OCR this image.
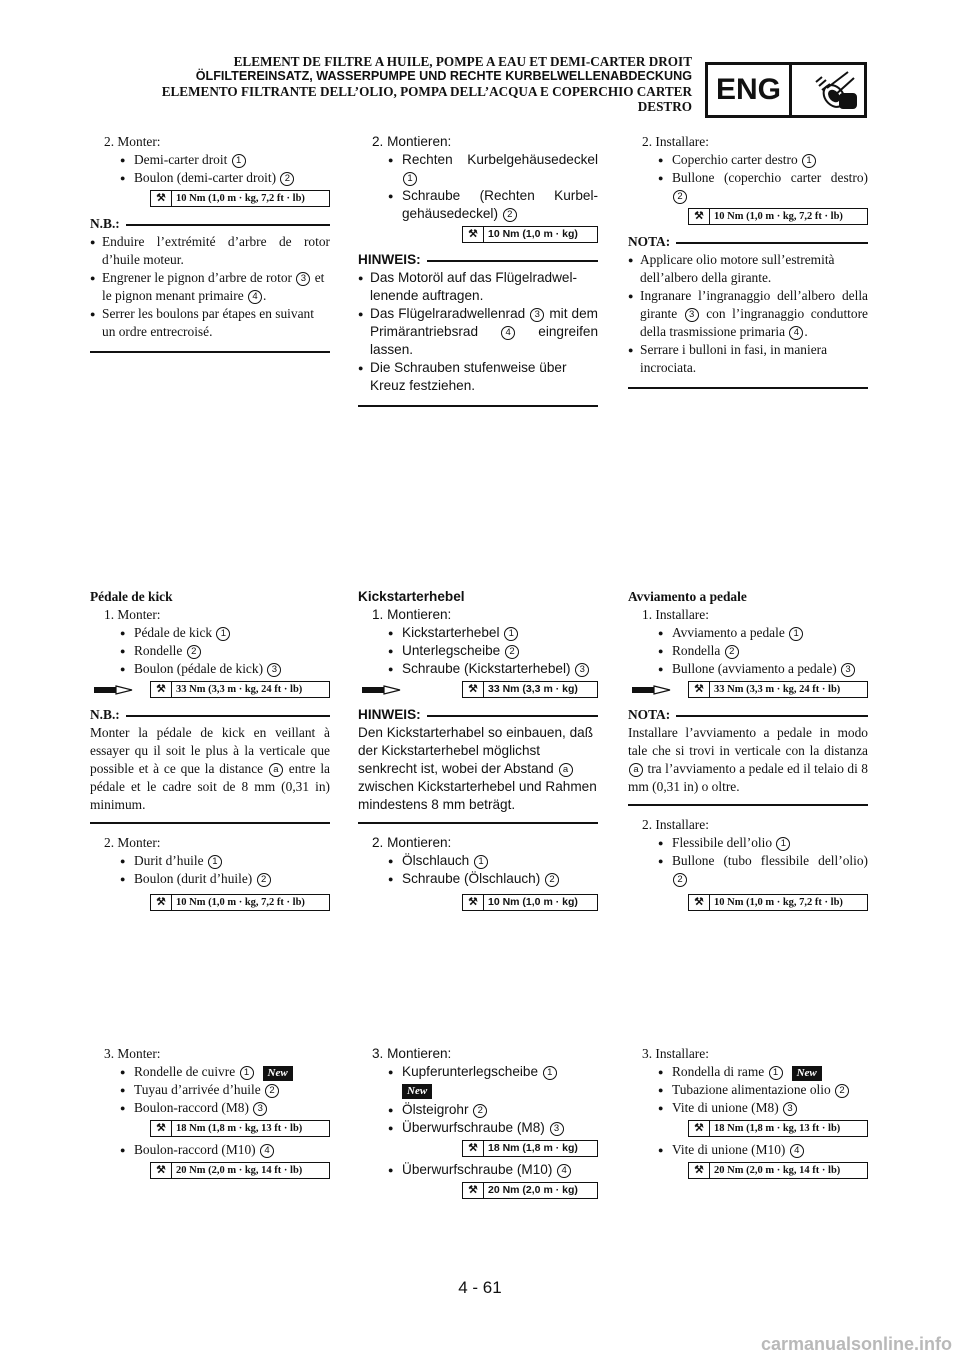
ELEMENT DE FILTRE A HUILE, POMPE A EAU ET DEMI-CARTER DROIT
ÖLFILTEREINSATZ, WASSERPUMPE UND RECHTE KURBELWELLENABDECKUNG
ELEMENTO FILTRANTE DELL’OLIO, POMPA DELL’ACQUA E COPERCHIO CARTER
DESTRO
ENG
2. Monter:
● Demi-carter droit 1
● Boulon (demi-carter droit) 2
⚒ 10 Nm (1,0 m · kg, 7,2 ft · lb)
N.B.:
● Enduire l’extrémité d’arbre de rotor d’huile moteur.
● Engrener le pignon d’arbre de rotor 3 et le pignon menant primaire 4 .
● Serrer les boulons par étapes en suivant un ordre entrecroisé.
Pédale de kick
1. Monter:
● Pédale de kick 1
● Rondelle 2
● Boulon (pédale de kick) 3
⚒ 33 Nm (3,3 m · kg, 24 ft · lb)
N.B.:
Monter la pédale de kick en veillant à essayer qu il soit le plus à la verticale que possible et à ce que la distance a entre la pédale et le cadre soit de 8 mm (0,31 in) minimum.
2. Monter:
● Durit d’huile 1
● Boulon (durit d’huile) 2
⚒ 10 Nm (1,0 m · kg, 7,2 ft · lb)
3. Monter:
● Rondelle de cuivre 1 New
● Tuyau d’arrivée d’huile 2
● Boulon-raccord (M8) 3
⚒ 18 Nm (1,8 m · kg, 13 ft · lb)
● Boulon-raccord (M10) 4
⚒ 20 Nm (2,0 m · kg, 14 ft · lb)
2. Montieren:
● Rechten Kurbelgehäusedeckel 1
● Schraube (Rechten Kurbelgehäusedeckel) 2
⚒ 10 Nm (1,0 m · kg)
HINWEIS:
● Das Motoröl auf das Flügelradwellenende auftragen.
● Das Flügelraradwellenrad 3 mit dem Primärantriebsrad	4 eingreifen lassen.
● Die Schrauben stufenweise über Kreuz festziehen.
Kickstarterhebel
1. Montieren:
● Kickstarterhebel 1
● Unterlegscheibe 2
● Schraube (Kickstarterhebel) 3
⚒ 33 Nm (3,3 m · kg)
HINWEIS:
Den Kickstarterhabel so einbauen, daß der Kickstarterhebel möglichst senkrecht ist, wobei der Abstand a zwischen Kickstarterhebel und Rahmen mindestens 8 mm beträgt.
2. Montieren:
● Ölschlauch 1
● Schraube (Ölschlauch) 2
⚒ 10 Nm (1,0 m · kg)
3. Montieren:
● Kupferunterlegscheibe 1
New
● Ölsteigrohr 2
● Überwurfschraube (M8) 3
⚒ 18 Nm (1,8 m · kg)
● Überwurfschraube (M10) 4
⚒ 20 Nm (2,0 m · kg)
2. Installare:
● Coperchio carter destro 1
● Bullone (coperchio carter destro) 2
⚒ 10 Nm (1,0 m · kg, 7,2 ft · lb)
NOTA:
● Applicare olio motore sull’estremità dell’albero della girante.
● Ingranare l’ingranaggio dell’albero della girante 3 con l’ingranaggio conduttore della trasmissione primaria 4 .
● Serrare i bulloni in fasi, in maniera incrociata.
Avviamento a pedale
1. Installare:
● Avviamento a pedale 1
● Rondella 2
● Bullone (avviamento a pedale) 3
⚒ 33 Nm (3,3 m · kg, 24 ft · lb)
NOTA:
Installare l’avviamento a pedale in modo tale che si trovi in verticale con la distanza a tra l’avviamento a pedale ed il telaio di 8 mm (0,31 in) o oltre.
2. Installare:
● Flessibile dell’olio 1
● Bullone (tubo flessibile dell’olio) 2
⚒ 10 Nm (1,0 m · kg, 7,2 ft · lb)
3. Installare:
● Rondella di rame 1 New
● Tubazione alimentazione olio 2
● Vite di unione (M8) 3
⚒ 18 Nm (1,8 m · kg, 13 ft · lb)
● Vite di unione (M10) 4
⚒ 20 Nm (2,0 m · kg, 14 ft · lb)
4 - 61
carmanualsonline.info
